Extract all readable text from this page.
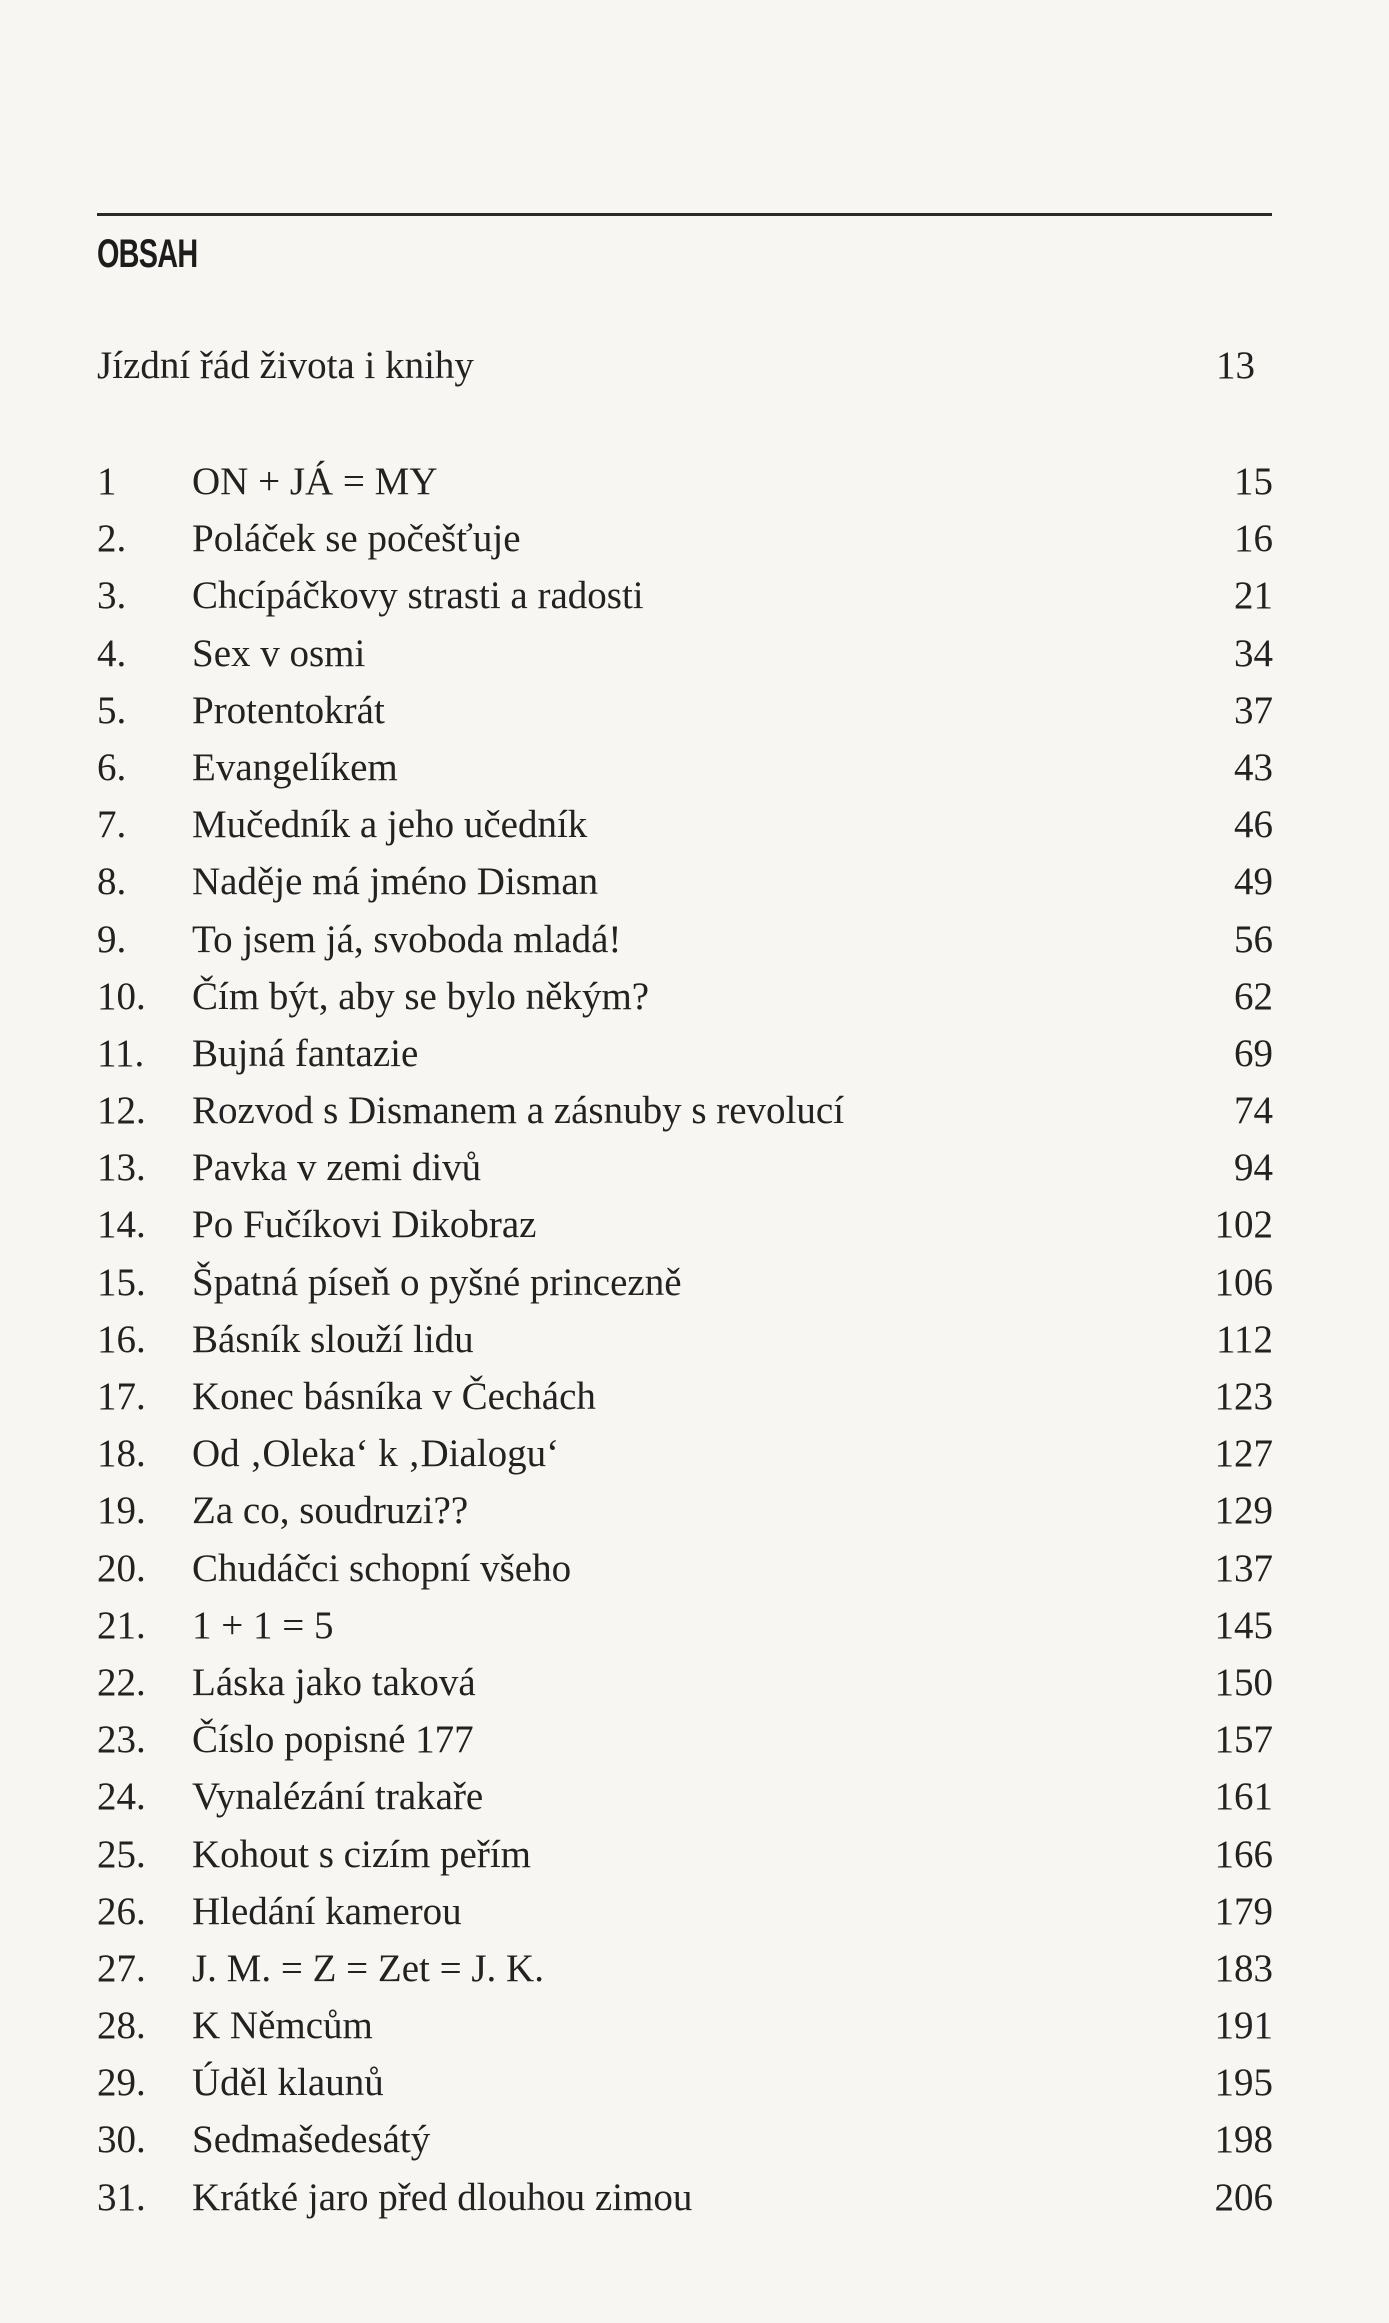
OBSAH
Jízdní řád života i knihy	13
1 ON + JÁ = MY	15
2. Poláček se počešťuje	16
3. Chcípáčkovy strasti a radosti	21
4. Sex v osmi	34
5. Protentokrát	37
6. Evangelíkem	43
7. Mučedník a jeho učedník	46
8. Naděje má jméno Disman	49
9. To jsem já, svoboda mladá!	56
10. Čím být, aby se bylo někým?	62
11. Bujná fantazie	69
12. Rozvod s Dismanem a zásnuby s revolucí	74
13. Pavka v zemi divů	94
14. Po Fučíkovi Dikobraz	102
15. Špatná píseň o pyšné princezně	106
16. Básník slouží lidu	112
17. Konec básníka v Čechách	123
18. Od ‚Oleka‘ k ‚Dialogu‘	127
19. Za co, soudruzi??	129
20. Chudáčci schopní všeho	137
21. 1 + 1 = 5	145
22. Láska jako taková	150
23. Číslo popisné 177	157
24. Vynalézání trakaře	161
25. Kohout s cizím peřím	166
26. Hledání kamerou	179
27. J. M. = Z = Zet = J. K.	183
28. K Němcům	191
29. Úděl klaunů	195
30. Sedmašedesátý	198
31. Krátké jaro před dlouhou zimou	206
